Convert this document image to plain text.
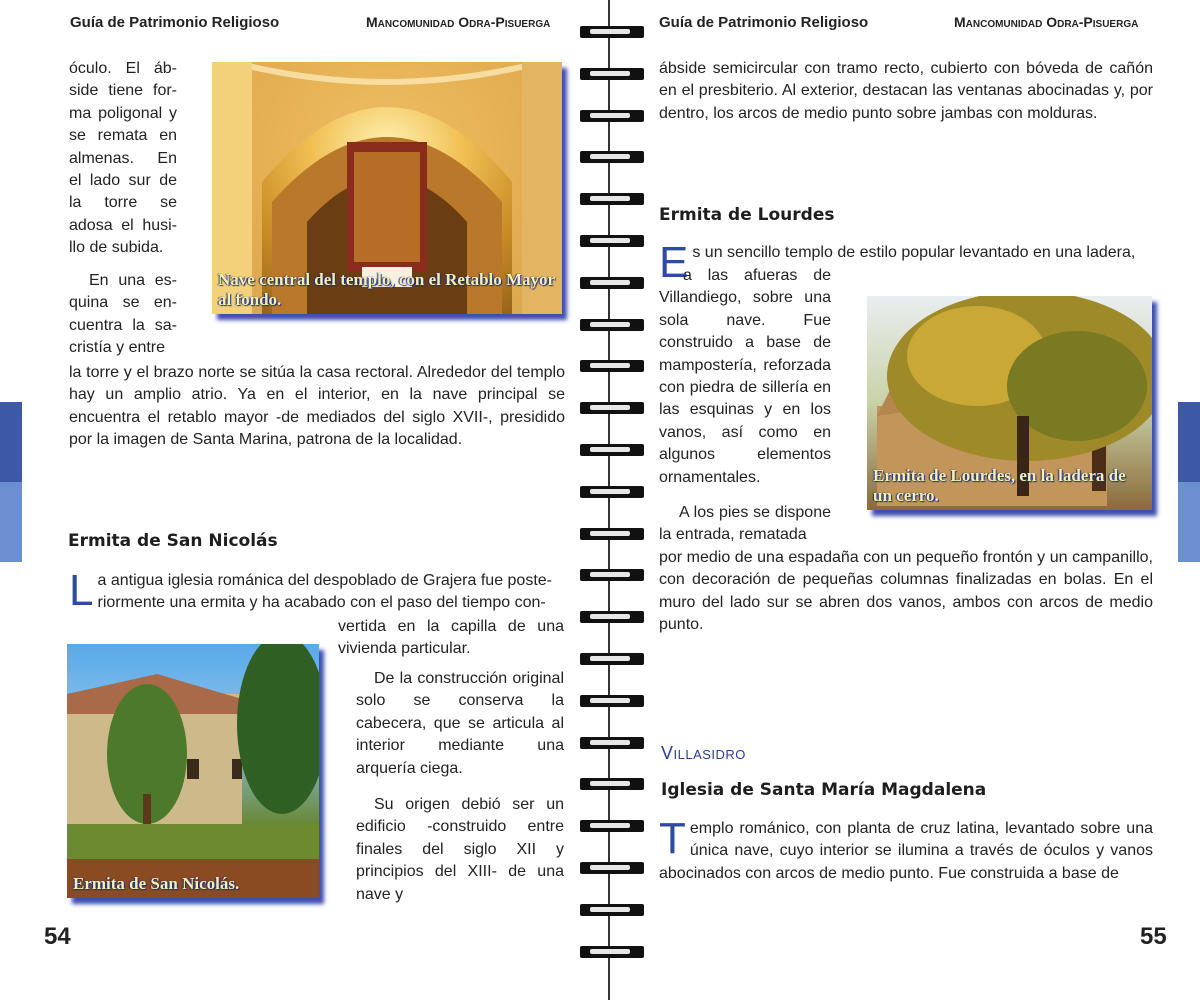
Guía de Patrimonio Religioso	Mancomunidad Odra-Pisuerga
óculo. El áb-
side tiene for-
ma poligonal y
se remata en
almenas. En
el lado sur de
la torre se
adosa el husi-
llo de subida.
Nave central del templo, con el Retablo Mayor al fondo.
En una es-
quina se en-
cuentra la sa-
cristía y entre
la torre y el brazo norte se sitúa la casa rectoral. Alrededor del templo hay un amplio atrio. Ya en el interior, en la nave principal se encuentra el retablo mayor -de mediados del siglo XVII-, presidido por la imagen de Santa Marina, patrona de la localidad.
Ermita de San Nicolás
L a antigua iglesia románica del despoblado de Grajera fue poste-
riormente una ermita y ha acabado con el paso del tiempo con-
vertida en la capilla de una
vivienda particular.
Ermita de San Nicolás.
De la construcción original solo se conserva la cabecera, que se articula al interior mediante una arquería ciega.
Su origen debió ser un edificio -construido entre finales del siglo XII y principios del XIII- de una nave y
54
Guía de Patrimonio Religioso	Mancomunidad Odra-Pisuerga
ábside semicircular con tramo recto, cubierto con bóveda de cañón en el presbiterio. Al exterior, destacan las ventanas abocinadas y, por dentro, los arcos de medio punto sobre jambas con molduras.
Ermita de Lourdes
E s un sencillo templo de estilo popular levantado en una ladera,
a las afueras de Villandiego, sobre una sola nave. Fue construido a base de mampostería, reforzada con piedra de sillería en las esquinas y en los vanos, así como en algunos elementos ornamentales.	Ermita de Lourdes, en la ladera de un cerro.
A los pies se dispone la entrada, rematada
por medio de una espadaña con un pequeño frontón y un campanillo, con decoración de pequeñas columnas finalizadas en bolas. En el muro del lado sur se abren dos vanos, ambos con arcos de medio punto.
Villasidro
Iglesia de Santa María Magdalena
T emplo románico, con planta de cruz latina, levantado sobre una única nave, cuyo interior se ilumina a través de óculos y vanos abocinados con arcos de medio punto. Fue construida a base de
55
